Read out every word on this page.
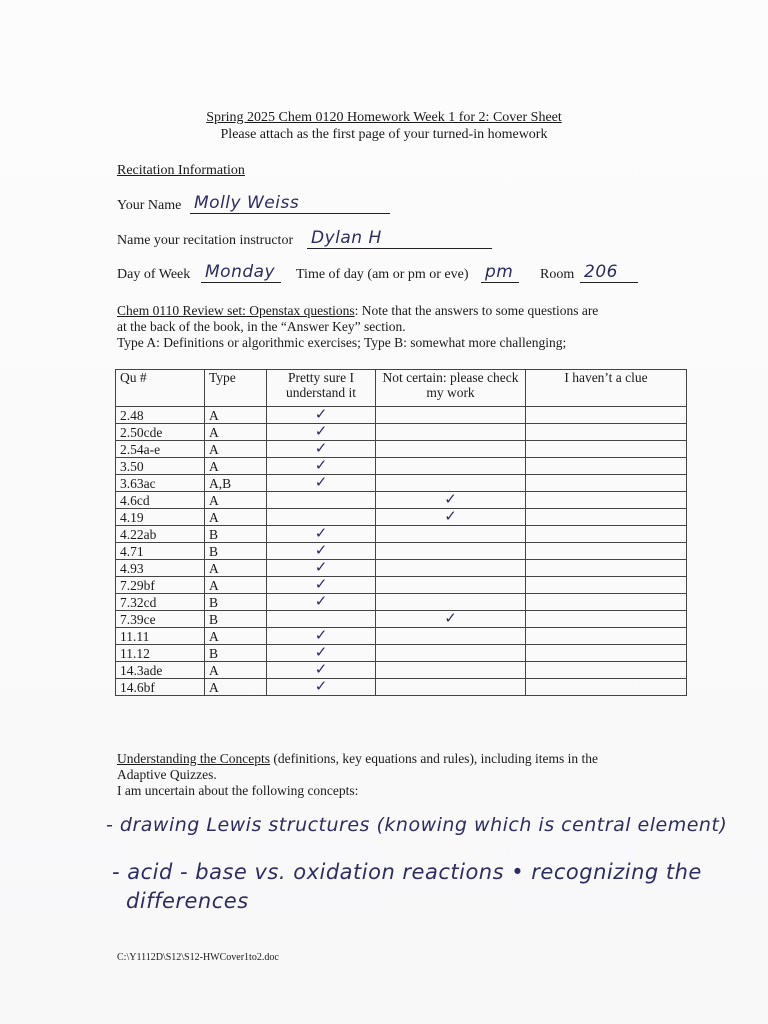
Spring 2025 Chem 0120 Homework Week 1 for 2: Cover Sheet
Please attach as the first page of your turned-in homework
Recitation Information
Your Name Molly Weiss
Name your recitation instructor Dylan H
Day of Week Monday Time of day (am or pm or eve) pm Room 206
Chem 0110 Review set: Openstax questions: Note that the answers to some questions are
at the back of the book, in the “Answer Key” section.
Type A: Definitions or algorithmic exercises; Type B: somewhat more challenging;
Qu #	Type	Pretty sure I understand it	Not certain: please check my work	I haven’t a clue
2.48	A	✓		
2.50cde	A	✓		
2.54a-e	A	✓		
3.50	A	✓		
3.63ac	A,B	✓		
4.6cd	A		✓	
4.19	A		✓	
4.22ab	B	✓		
4.71	B	✓		
4.93	A	✓		
7.29bf	A	✓		
7.32cd	B	✓		
7.39ce	B		✓	
11.11	A	✓		
11.12	B	✓		
14.3ade	A	✓		
14.6bf	A	✓		
Understanding the Concepts (definitions, key equations and rules), including items in the
Adaptive Quizzes.
I am uncertain about the following concepts:
- drawing Lewis structures (knowing which is central element)
- acid - base vs. oxidation reactions • recognizing the
differences
C:\Y1112D\S12\S12-HWCover1to2.doc
